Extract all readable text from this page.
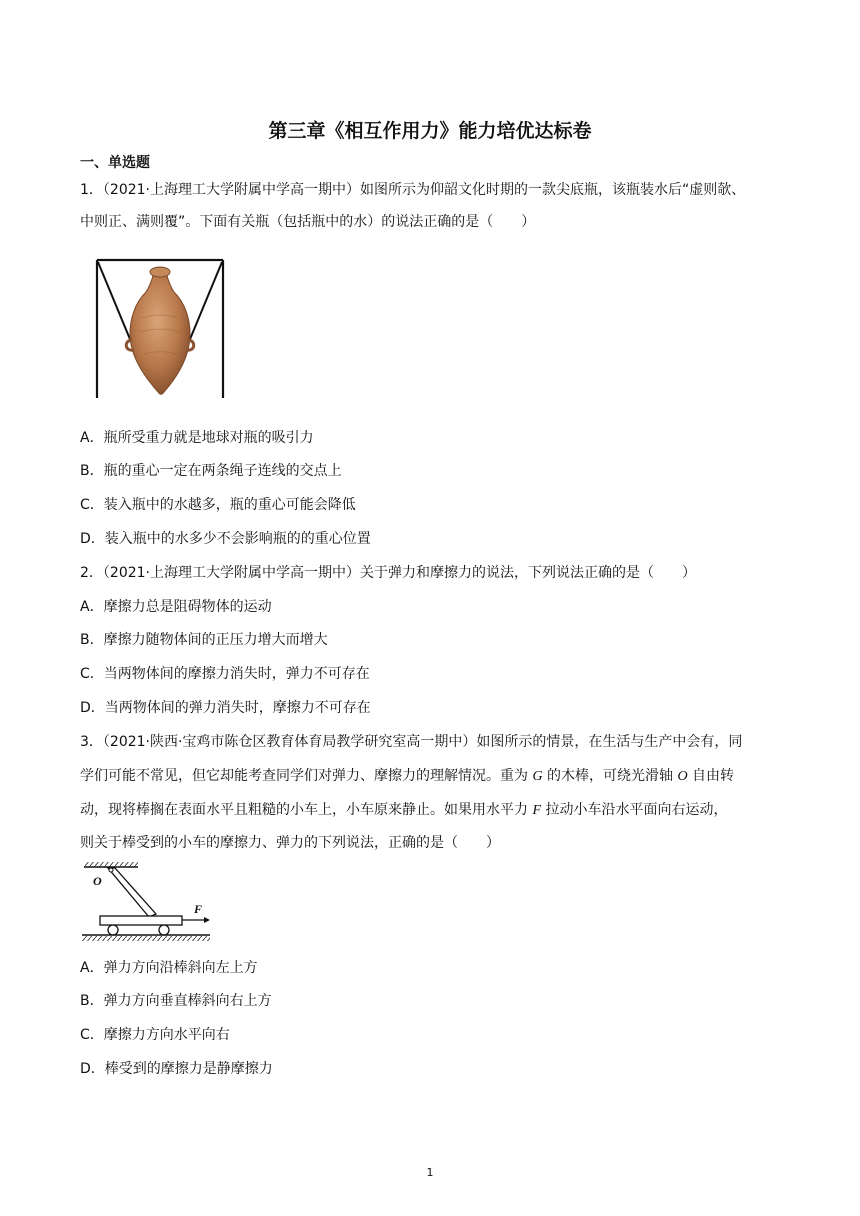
第三章《相互作用力》能力培优达标卷
一、单选题
1．（2021·上海理工大学附属中学高一期中）如图所示为仰韶文化时期的一款尖底瓶，该瓶装水后“虚则欹、
中则正、满则覆”。下面有关瓶（包括瓶中的水）的说法正确的是（　　）
A．瓶所受重力就是地球对瓶的吸引力
B．瓶的重心一定在两条绳子连线的交点上
C．装入瓶中的水越多，瓶的重心可能会降低
D．装入瓶中的水多少不会影响瓶的的重心位置
2．（2021·上海理工大学附属中学高一期中）关于弹力和摩擦力的说法，下列说法正确的是（　　）
A．摩擦力总是阻碍物体的运动
B．摩擦力随物体间的正压力增大而增大
C．当两物体间的摩擦力消失时，弹力不可存在
D．当两物体间的弹力消失时，摩擦力不可存在
3．（2021·陕西·宝鸡市陈仓区教育体育局教学研究室高一期中）如图所示的情景，在生活与生产中会有，同
学们可能不常见，但它却能考查同学们对弹力、摩擦力的理解情况。重为 G 的木棒，可绕光滑轴 O 自由转
动，现将棒搁在表面水平且粗糙的小车上，小车原来静止。如果用水平力 F 拉动小车沿水平面向右运动，
则关于棒受到的小车的摩擦力、弹力的下列说法，正确的是（　　）
O
F
A．弹力方向沿棒斜向左上方
B．弹力方向垂直棒斜向右上方
C．摩擦力方向水平向右
D．棒受到的摩擦力是静摩擦力
1
